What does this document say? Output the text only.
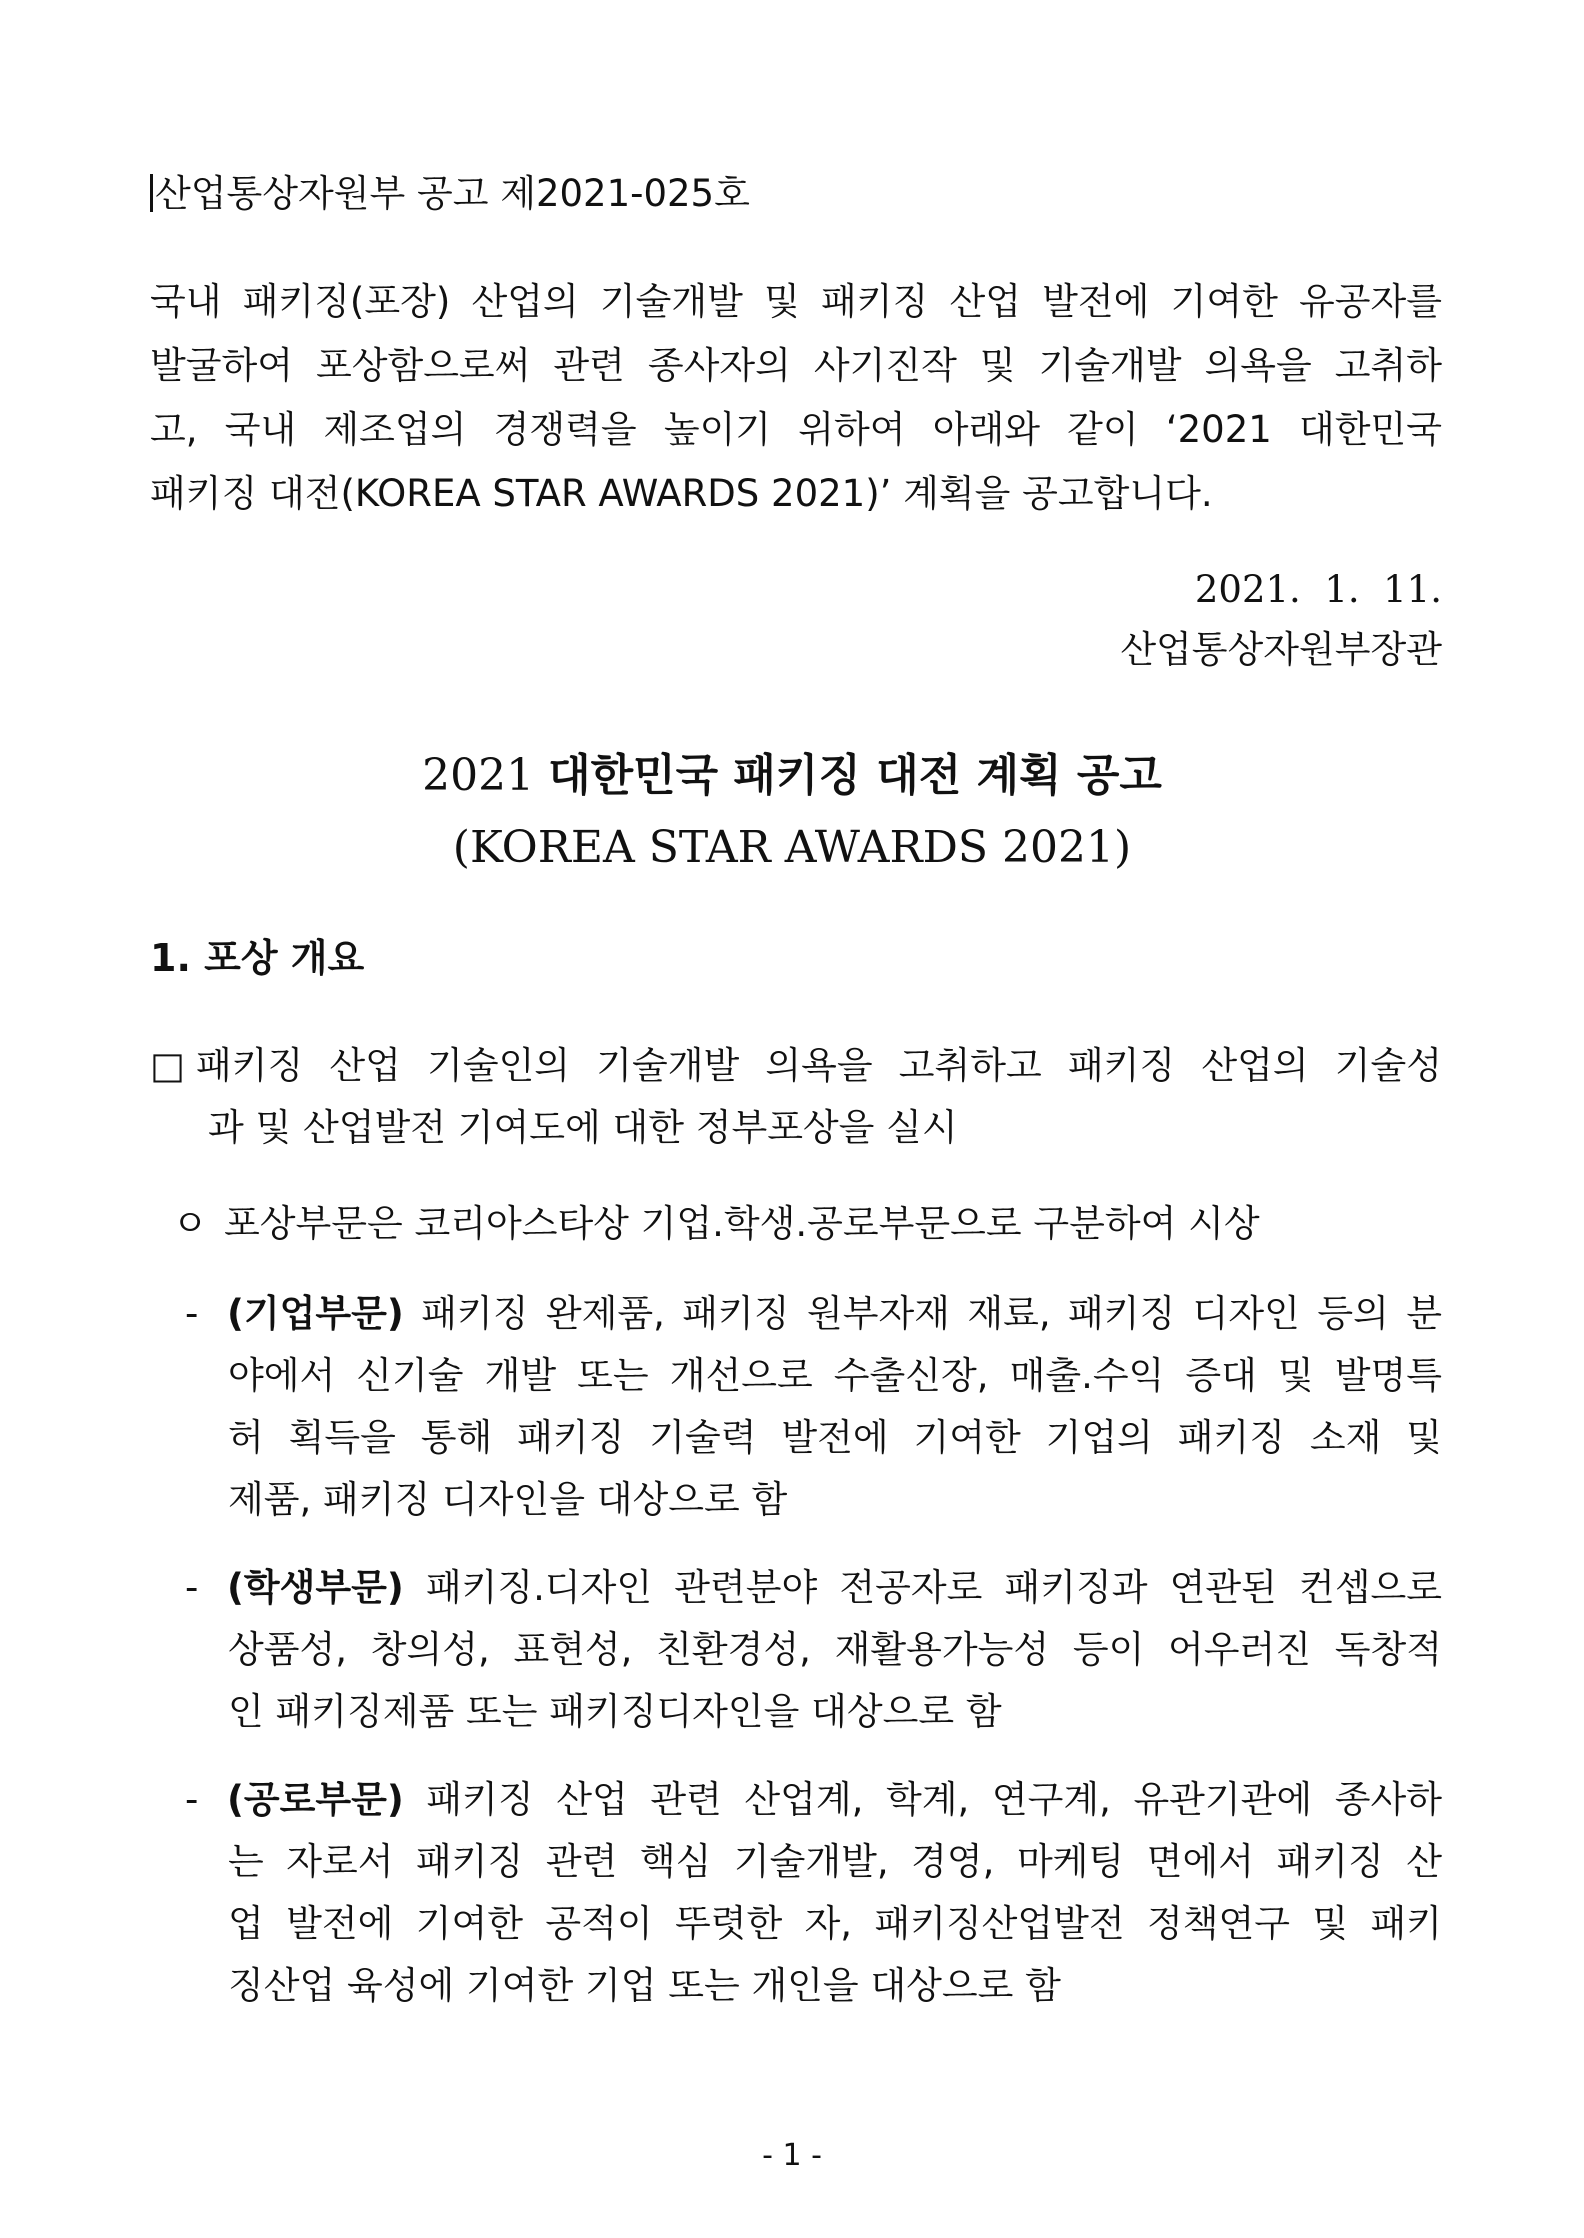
산업통상자원부 공고 제2021-025호
국내 패키징(포장) 산업의 기술개발 및 패키징 산업 발전에 기여한 유공자를
발굴하여 포상함으로써 관련 종사자의 사기진작 및 기술개발 의욕을 고취하
고, 국내 제조업의 경쟁력을 높이기 위하여 아래와 같이 ‘2021 대한민국
패키징 대전(KOREA STAR AWARDS 2021)’ 계획을 공고합니다.
2021.  1.  11.
산업통상자원부장관
2021 대한민국 패키징 대전 계획 공고
(KOREA STAR AWARDS 2021)
1. 포상 개요
□ 패키징 산업 기술인의 기술개발 의욕을 고취하고 패키징 산업의 기술성
과 및 산업발전 기여도에 대한 정부포상을 실시
ㅇ 포상부문은 코리아스타상 기업.학생.공로부문으로 구분하여 시상
- (기업부문) 패키징 완제품, 패키징 원부자재 재료, 패키징 디자인 등의 분
야에서 신기술 개발 또는 개선으로 수출신장, 매출.수익 증대 및 발명특
허 획득을 통해 패키징 기술력 발전에 기여한 기업의 패키징 소재 및
제품, 패키징 디자인을 대상으로 함
- (학생부문) 패키징.디자인 관련분야 전공자로 패키징과 연관된 컨셉으로
상품성, 창의성, 표현성, 친환경성, 재활용가능성 등이 어우러진 독창적
인 패키징제품 또는 패키징디자인을 대상으로 함
- (공로부문) 패키징 산업 관련 산업계, 학계, 연구계, 유관기관에 종사하
는 자로서 패키징 관련 핵심 기술개발, 경영, 마케팅 면에서 패키징 산
업 발전에 기여한 공적이 뚜렷한 자, 패키징산업발전 정책연구 및 패키
징산업 육성에 기여한 기업 또는 개인을 대상으로 함
- 1 -
